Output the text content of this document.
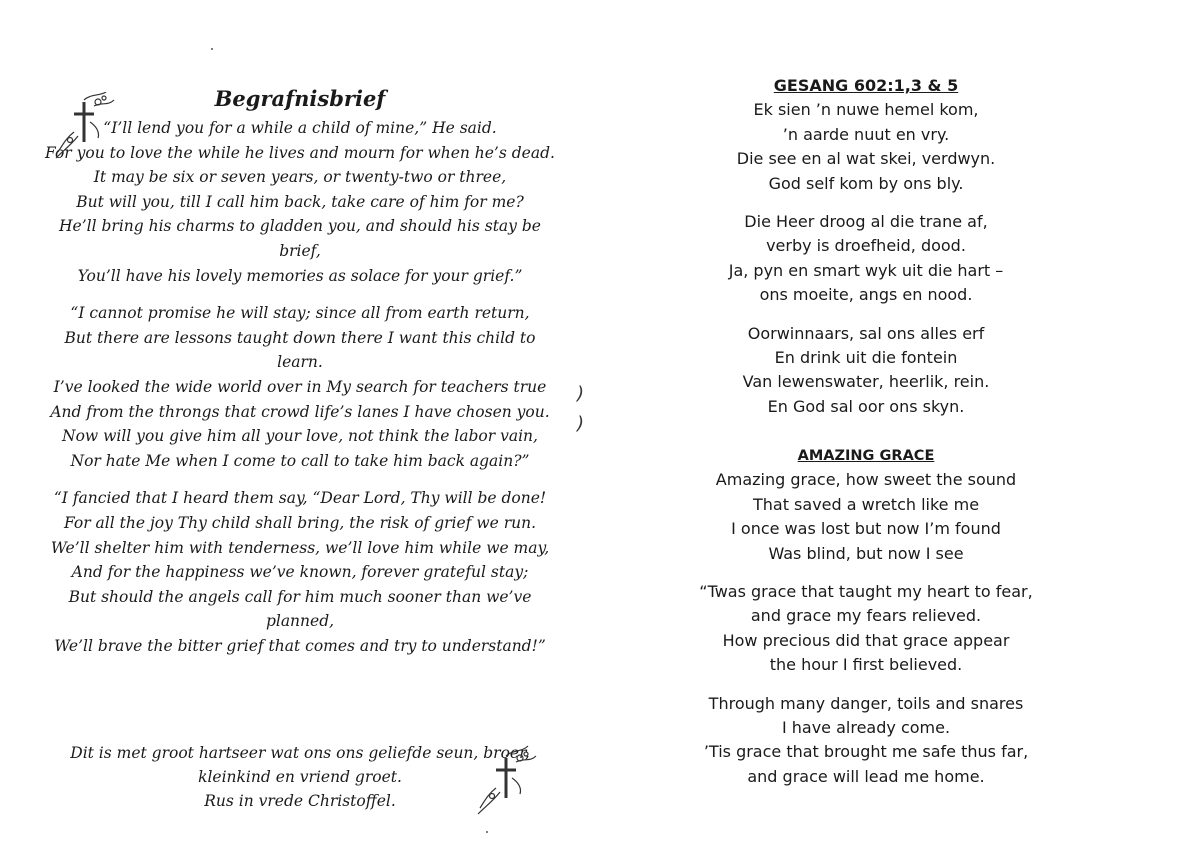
Begrafnisbrief
“I’ll lend you for a while a child of mine,” He said.
For you to love the while he lives and mourn for when he’s dead.
It may be six or seven years, or twenty-two or three,
But will you, till I call him back, take care of him for me?
He’ll bring his charms to gladden you, and should his stay be brief,
You’ll have his lovely memories as solace for your grief.”
“I cannot promise he will stay; since all from earth return,
But there are lessons taught down there I want this child to learn.
I’ve looked the wide world over in My search for teachers true
And from the throngs that crowd life’s lanes I have chosen you.
Now will you give him all your love, not think the labor vain,
Nor hate Me when I come to call to take him back again?”
“I fancied that I heard them say, “Dear Lord, Thy will be done!
For all the joy Thy child shall bring, the risk of grief we run.
We’ll shelter him with tenderness, we’ll love him while we may,
And for the happiness we’ve known, forever grateful stay;
But should the angels call for him much sooner than we’ve planned,
We’ll brave the bitter grief that comes and try to understand!”
Dit is met groot hartseer wat ons ons geliefde seun, broer, kleinkind en vriend groet.
Rus in vrede Christoffel.
)
)
GESANG 602:1,3 & 5
Ek sien ’n nuwe hemel kom,
’n aarde nuut en vry.
Die see en al wat skei, verdwyn.
God self kom by ons bly.
Die Heer droog al die trane af,
verby is droefheid, dood.
Ja, pyn en smart wyk uit die hart –
ons moeite, angs en nood.
Oorwinnaars, sal ons alles erf
En drink uit die fontein
Van lewenswater, heerlik, rein.
En God sal oor ons skyn.
AMAZING GRACE
Amazing grace, how sweet the sound
That saved a wretch like me
I once was lost but now I’m found
Was blind, but now I see
“Twas grace that taught my heart to fear,
and grace my fears relieved.
How precious did that grace appear
the hour I first believed.
Through many danger, toils and snares
I have already come.
’Tis grace that brought me safe thus far,
and grace will lead me home.
